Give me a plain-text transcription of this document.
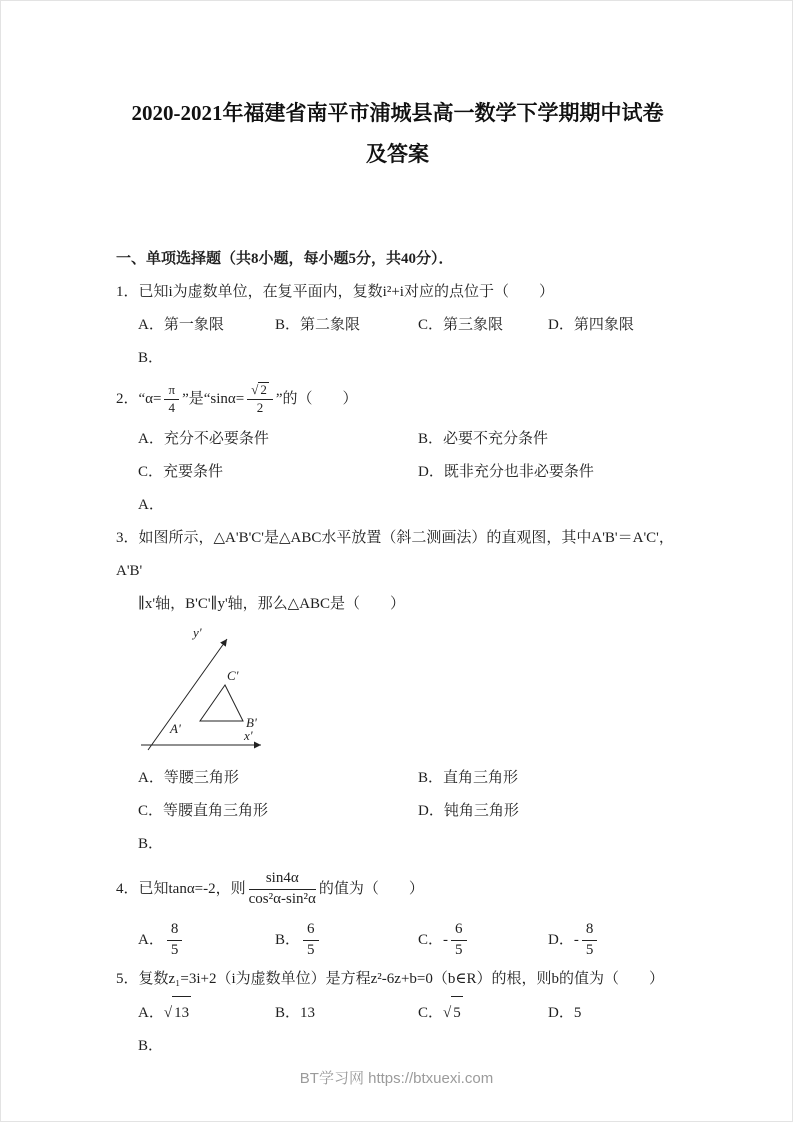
2020-2021年福建省南平市浦城县高一数学下学期期中试卷
及答案
一、单项选择题（共8小题，每小题5分，共40分）．
1．已知i为虚数单位，在复平面内，复数i²+i对应的点位于（　　）
A．第一象限	B．第二象限	C．第三象限	D．第四象限
B．
2．“$\alpha= \frac{\pi}{4}$ ”是“$\sin\alpha= \frac{√ 2}{2}$ ”的（　　）
A．充分不必要条件	B．必要不充分条件
C．充要条件	D．既非充分也非必要条件
A．
3．如图所示，△A'B'C'是△ABC水平放置（斜二测画法）的直观图，其中A'B'＝A'C'，A'B'
∥x'轴，B'C'∥y'轴，那么△ABC是（　　）
y'
x'
A'	B'
C'
A．等腰三角形	B．直角三角形
C．等腰直角三角形	D．钝角三角形
B．
4．已知tanα=-2，则 $\frac{\sin 4\alpha}{\text{cos²α-sin²α}}$ 的值为（　　）
A． $\frac{8}{5}$	B． $\frac{6}{5}$	C． - $\frac{6}{5}$	D． - $\frac{8}{5}$
5．复数z₁=3i+2（i为虚数单位）是方程z²-6z+b=0（b∈R）的根，则b的值为（　　）
A．√ 13	B．13	C．√ 5	D．5
B．
BT学习网 https://btxuexi.com
